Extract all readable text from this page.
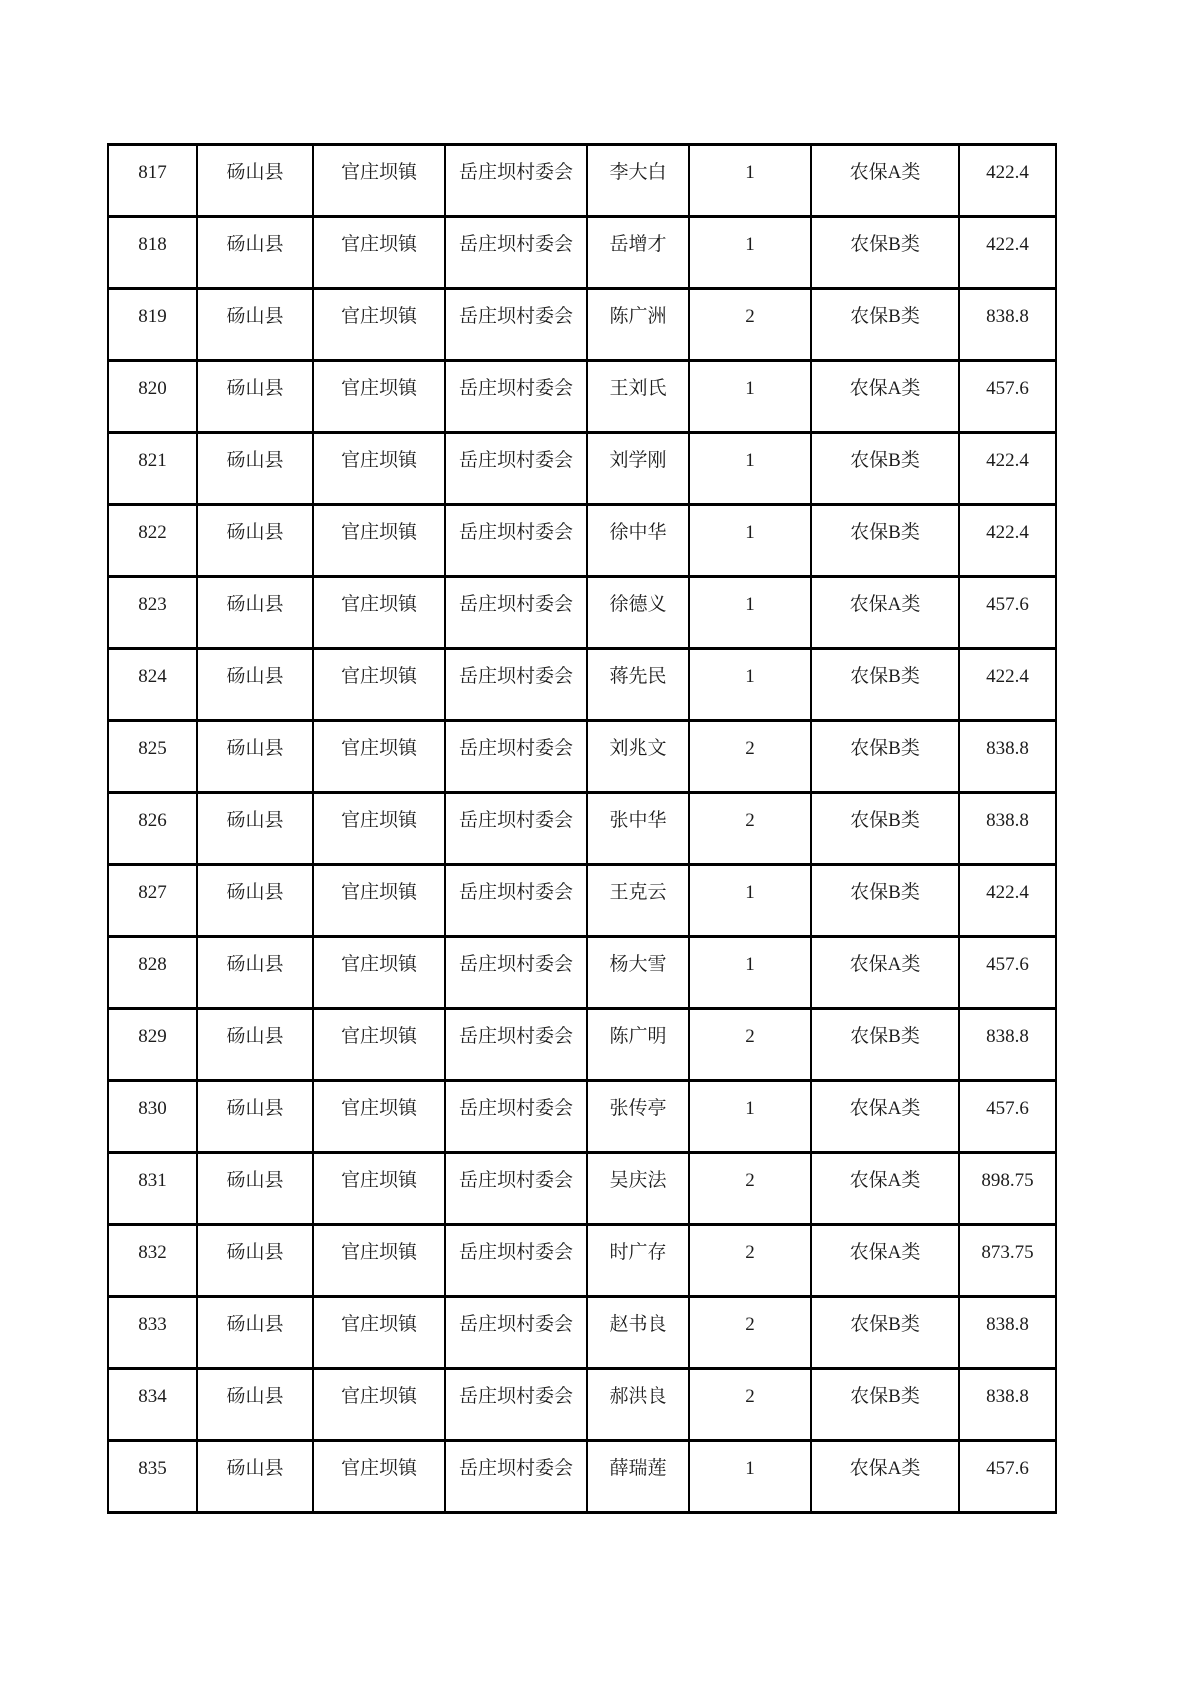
817	砀山县	官庄坝镇	岳庄坝村委会	李大白	1	农保A类	422.4
818	砀山县	官庄坝镇	岳庄坝村委会	岳增才	1	农保B类	422.4
819	砀山县	官庄坝镇	岳庄坝村委会	陈广洲	2	农保B类	838.8
820	砀山县	官庄坝镇	岳庄坝村委会	王刘氏	1	农保A类	457.6
821	砀山县	官庄坝镇	岳庄坝村委会	刘学刚	1	农保B类	422.4
822	砀山县	官庄坝镇	岳庄坝村委会	徐中华	1	农保B类	422.4
823	砀山县	官庄坝镇	岳庄坝村委会	徐德义	1	农保A类	457.6
824	砀山县	官庄坝镇	岳庄坝村委会	蒋先民	1	农保B类	422.4
825	砀山县	官庄坝镇	岳庄坝村委会	刘兆文	2	农保B类	838.8
826	砀山县	官庄坝镇	岳庄坝村委会	张中华	2	农保B类	838.8
827	砀山县	官庄坝镇	岳庄坝村委会	王克云	1	农保B类	422.4
828	砀山县	官庄坝镇	岳庄坝村委会	杨大雪	1	农保A类	457.6
829	砀山县	官庄坝镇	岳庄坝村委会	陈广明	2	农保B类	838.8
830	砀山县	官庄坝镇	岳庄坝村委会	张传亭	1	农保A类	457.6
831	砀山县	官庄坝镇	岳庄坝村委会	吴庆法	2	农保A类	898.75
832	砀山县	官庄坝镇	岳庄坝村委会	时广存	2	农保A类	873.75
833	砀山县	官庄坝镇	岳庄坝村委会	赵书良	2	农保B类	838.8
834	砀山县	官庄坝镇	岳庄坝村委会	郝洪良	2	农保B类	838.8
835	砀山县	官庄坝镇	岳庄坝村委会	薛瑞莲	1	农保A类	457.6
